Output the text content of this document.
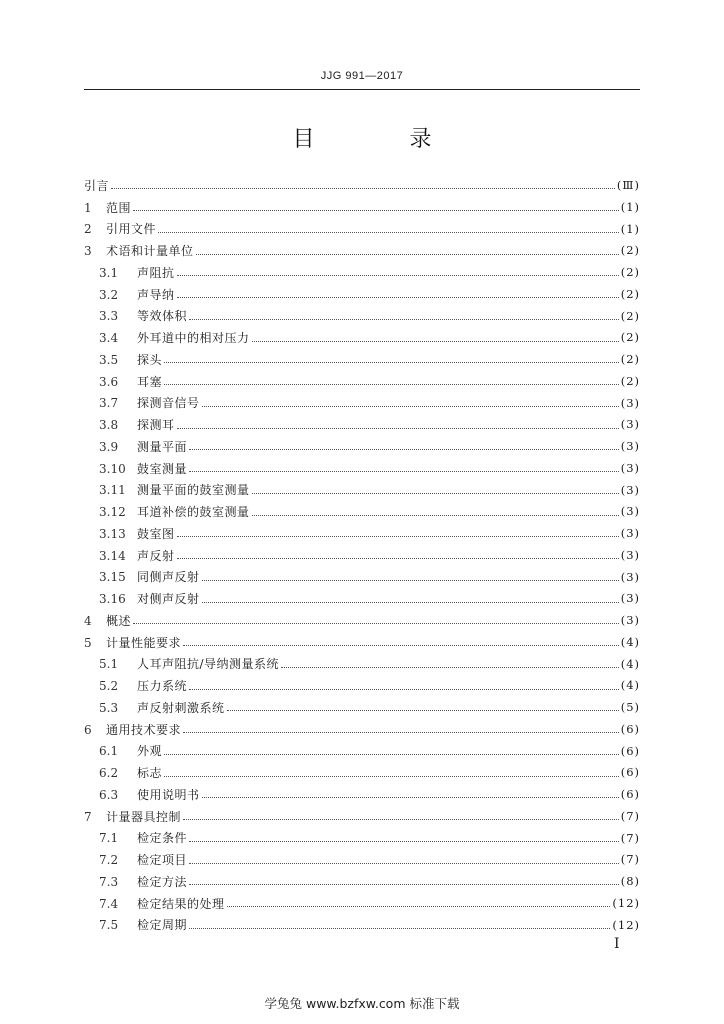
JJG 991—2017
目 录
引言	(Ⅲ)
1	范围	(1)
2	引用文件	(1)
3	术语和计量单位	(2)
3.1	声阻抗	(2)
3.2	声导纳	(2)
3.3	等效体积	(2)
3.4	外耳道中的相对压力	(2)
3.5	探头	(2)
3.6	耳塞	(2)
3.7	探测音信号	(3)
3.8	探测耳	(3)
3.9	测量平面	(3)
3.10 鼓室测量	(3)
3.11 测量平面的鼓室测量	(3)
3.12 耳道补偿的鼓室测量	(3)
3.13 鼓室图	(3)
3.14 声反射	(3)
3.15 同侧声反射	(3)
3.16 对侧声反射	(3)
4	概述	(3)
5	计量性能要求	(4)
5.1	人耳声阻抗/导纳测量系统	(4)
5.2	压力系统	(4)
5.3	声反射刺激系统	(5)
6	通用技术要求	(6)
6.1	外观	(6)
6.2	标志	(6)
6.3	使用说明书	(6)
7	计量器具控制	(7)
7.1	检定条件	(7)
7.2	检定项目	(7)
7.3	检定方法	(8)
7.4	检定结果的处理	(12)
7.5	检定周期	(12)
I
学兔兔 www.bzfxw.com 标准下载
